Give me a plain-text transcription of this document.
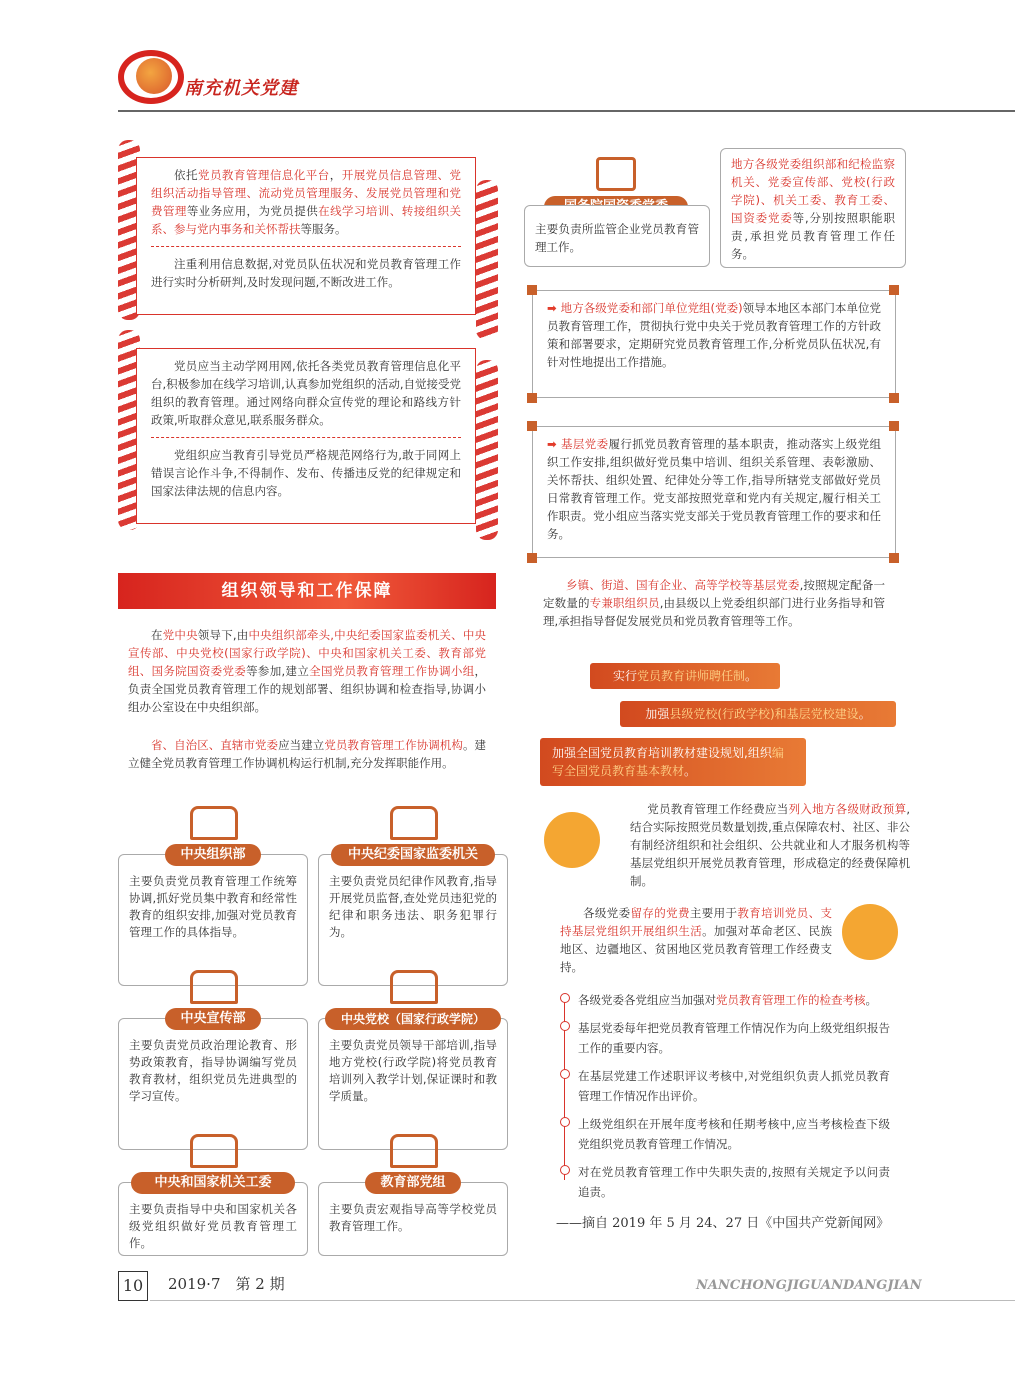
南充机关党建

依托党员教育管理信息化平台，开展党员信息管理、党组织活动指导管理、流动党员管理服务、发展党员管理和党费管理等业务应用，为党员提供在线学习培训、转接组织关系、参与党内事务和关怀帮扶等服务。

注重利用信息数据,对党员队伍状况和党员教育管理工作进行实时分析研判,及时发现问题,不断改进工作。

党员应当主动学网用网,依托各类党员教育管理信息化平台,积极参加在线学习培训,认真参加党组织的活动,自觉接受党组织的教育管理。通过网络向群众宣传党的理论和路线方针政策,听取群众意见,联系服务群众。

党组织应当教育引导党员严格规范网络行为,敢于同网上错误言论作斗争,不得制作、发布、传播违反党的纪律规定和国家法律法规的信息内容。

主要负责所监管企业党员教育管理工作。
地方各级党委组织部和纪检监察机关、党委宣传部、党校(行政学院)、机关工委、教育工委、国资委党委等,分别按照职能职责,承担党员教育管理工作任务。
➡ 地方各级党委和部门单位党组(党委)领导本地区本部门本单位党员教育管理工作，贯彻执行党中央关于党员教育管理工作的方针政策和部署要求，定期研究党员教育管理工作,分析党员队伍状况,有针对性地提出工作措施。
➡ 基层党委履行抓党员教育管理的基本职责，推动落实上级党组织工作安排,组织做好党员集中培训、组织关系管理、表彰激励、关怀帮扶、组织处置、纪律处分等工作,指导所辖党支部做好党员日常教育管理工作。党支部按照党章和党内有关规定,履行相关工作职责。党小组应当落实党支部关于党员教育管理工作的要求和任务。

乡镇、街道、国有企业、高等学校等基层党委,按照规定配备一定数量的专兼职组织员,由县级以上党委组织部门进行业务指导和管理,承担指导督促发展党员和党员教育管理等工作。

实行党员教育讲师聘任制。
加强县级党校(行政学校)和基层党校建设。
加强全国党员教育培训教材建设规划,组织编写全国党员教育基本教材。
组织领导和工作保障

在党中央领导下,由中央组织部牵头,中央纪委国家监委机关、中央宣传部、中央党校(国家行政学院)、中央和国家机关工委、教育部党组、国务院国资委党委等参加,建立全国党员教育管理工作协调小组，负责全国党员教育管理工作的规划部署、组织协调和检查指导,协调小组办公室设在中央组织部。

省、自治区、直辖市党委应当建立党员教育管理工作协调机构。建立健全党员教育管理工作协调机构运行机制,充分发挥职能作用。

主要负责党员教育管理工作统筹协调,抓好党员集中教育和经常性教育的组织安排,加强对党员教育管理工作的具体指导。
中央组织部
主要负责党员纪律作风教育,指导开展党员监督,查处党员违犯党的纪律和职务违法、职务犯罪行为。
中央纪委国家监委机关
主要负责党员政治理论教育、形势政策教育，指导协调编写党员教育教材，组织党员先进典型的学习宣传。
中央宣传部
主要负责党员领导干部培训,指导地方党校(行政学院)将党员教育培训列入教学计划,保证课时和教学质量。
中央党校（国家行政学院）
主要负责指导中央和国家机关各级党组织做好党员教育管理工作。
中央和国家机关工委
主要负责宏观指导高等学校党员教育管理工作。
教育部党组

党员教育管理工作经费应当列入地方各级财政预算,结合实际按照党员数量划拨,重点保障农村、社区、非公有制经济组织和社会组织、公共就业和人才服务机构等基层党组织开展党员教育管理，形成稳定的经费保障机制。

各级党委留存的党费主要用于教育培训党员、支持基层党组织开展组织生活。加强对革命老区、民族地区、边疆地区、贫困地区党员教育管理工作经费支持。

各级党委各党组应当加强对党员教育管理工作的检查考核。
基层党委每年把党员教育管理工作情况作为向上级党组织报告工作的重要内容。
在基层党建工作述职评议考核中,对党组织负责人抓党员教育管理工作情况作出评价。
上级党组织在开展年度考核和任期考核中,应当考核检查下级党组织党员教育管理工作情况。
对在党员教育管理工作中失职失责的,按照有关规定予以问责追责。
——摘自 2019 年 5 月 24、27 日《中国共产党新闻网》
10	2019·7　第 2 期	NANCHONGJIGUANDANGJIAN
